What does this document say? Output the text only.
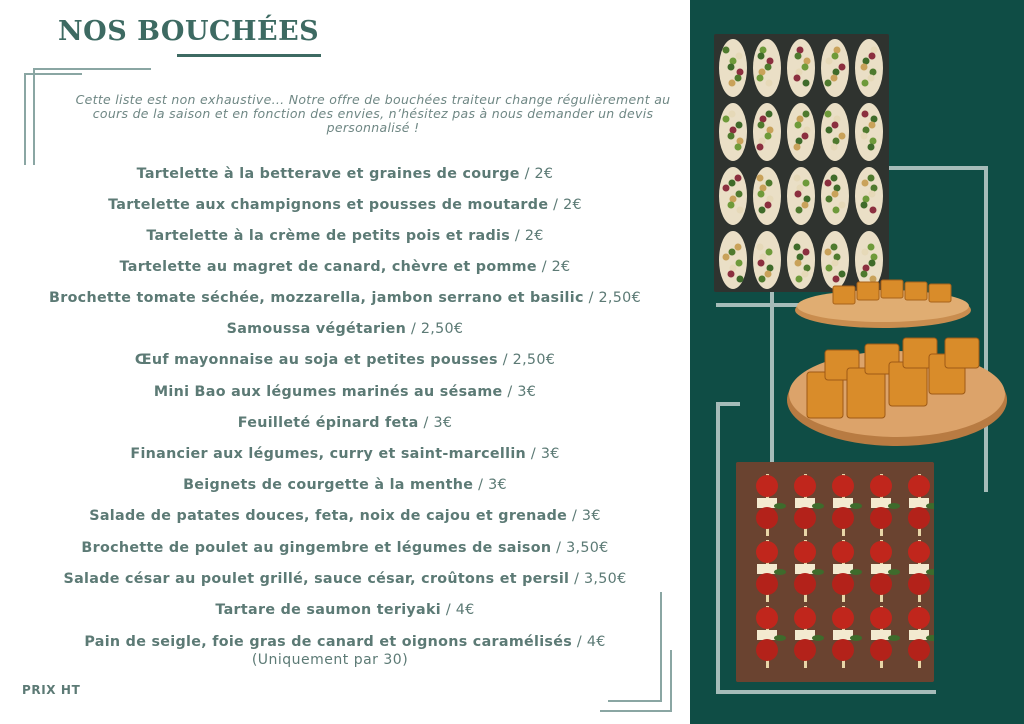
NOS BOUCHÉES
Cette liste est non exhaustive... Notre offre de bouchées traiteur change régulièrement au cours de la saison et en fonction des envies, n’hésitez pas à nous demander un devis personnalisé !
Tartelette à la betterave et graines de courge / 2€
Tartelette aux champignons et pousses de moutarde / 2€
Tartelette à la crème de petits pois et radis / 2€
Tartelette au magret de canard, chèvre et pomme / 2€
Brochette tomate séchée, mozzarella, jambon serrano et basilic / 2,50€
Samoussa végétarien / 2,50€
Œuf mayonnaise au soja et petites pousses / 2,50€
Mini Bao aux légumes marinés au sésame / 3€
Feuilleté épinard feta / 3€
Financier aux légumes, curry et saint-marcellin / 3€
Beignets de courgette à la menthe / 3€
Salade de patates douces, feta, noix de cajou et grenade / 3€
Brochette de poulet au gingembre et légumes de saison / 3,50€
Salade césar au poulet grillé, sauce césar, croûtons et persil / 3,50€
Tartare de saumon teriyaki / 4€
Pain de seigle, foie gras de canard et oignons caramélisés / 4€
(Uniquement par 30)
PRIX HT
